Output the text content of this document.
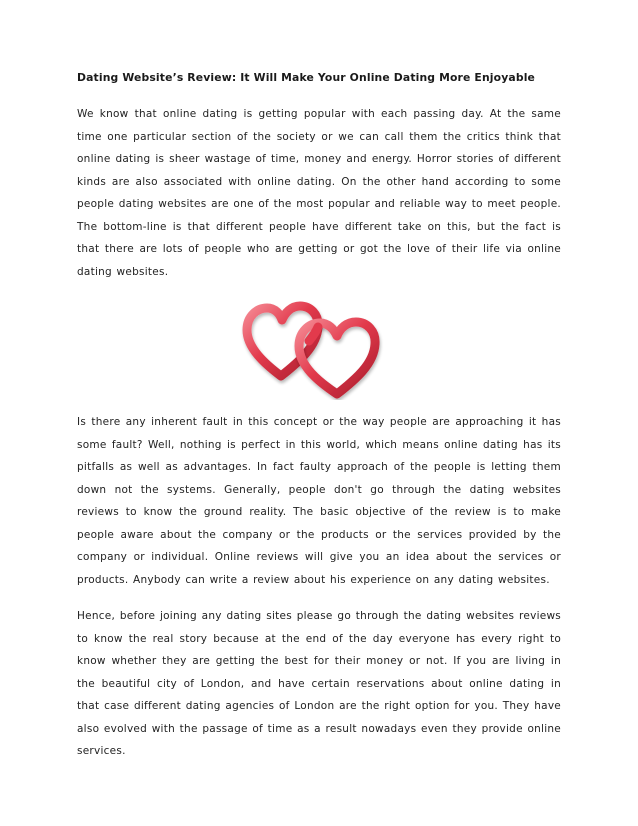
Dating Website’s Review: It Will Make Your Online Dating More Enjoyable

We know that online dating is getting popular with each passing day. At the same time one particular section of the society or we can call them the critics think that online dating is sheer wastage of time, money and energy. Horror stories of different kinds are also associated with online dating. On the other hand according to some people dating websites are one of the most popular and reliable way to meet people. The bottom-line is that different people have different take on this, but the fact is that there are lots of people who are getting or got the love of their life via online dating websites.

Is there any inherent fault in this concept or the way people are approaching it has some fault? Well, nothing is perfect in this world, which means online dating has its pitfalls as well as advantages. In fact faulty approach of the people is letting them down not the systems. Generally, people don't go through the dating websites reviews to know the ground reality. The basic objective of the review is to make people aware about the company or the products or the services provided by the company or individual. Online reviews will give you an idea about the services or products. Anybody can write a review about his experience on any dating websites.

Hence, before joining any dating sites please go through the dating websites reviews to know the real story because at the end of the day everyone has every right to know whether they are getting the best for their money or not. If you are living in the beautiful city of London, and have certain reservations about online dating in that case different dating agencies of London are the right option for you. They have also evolved with the passage of time as a result nowadays even they provide online services.
